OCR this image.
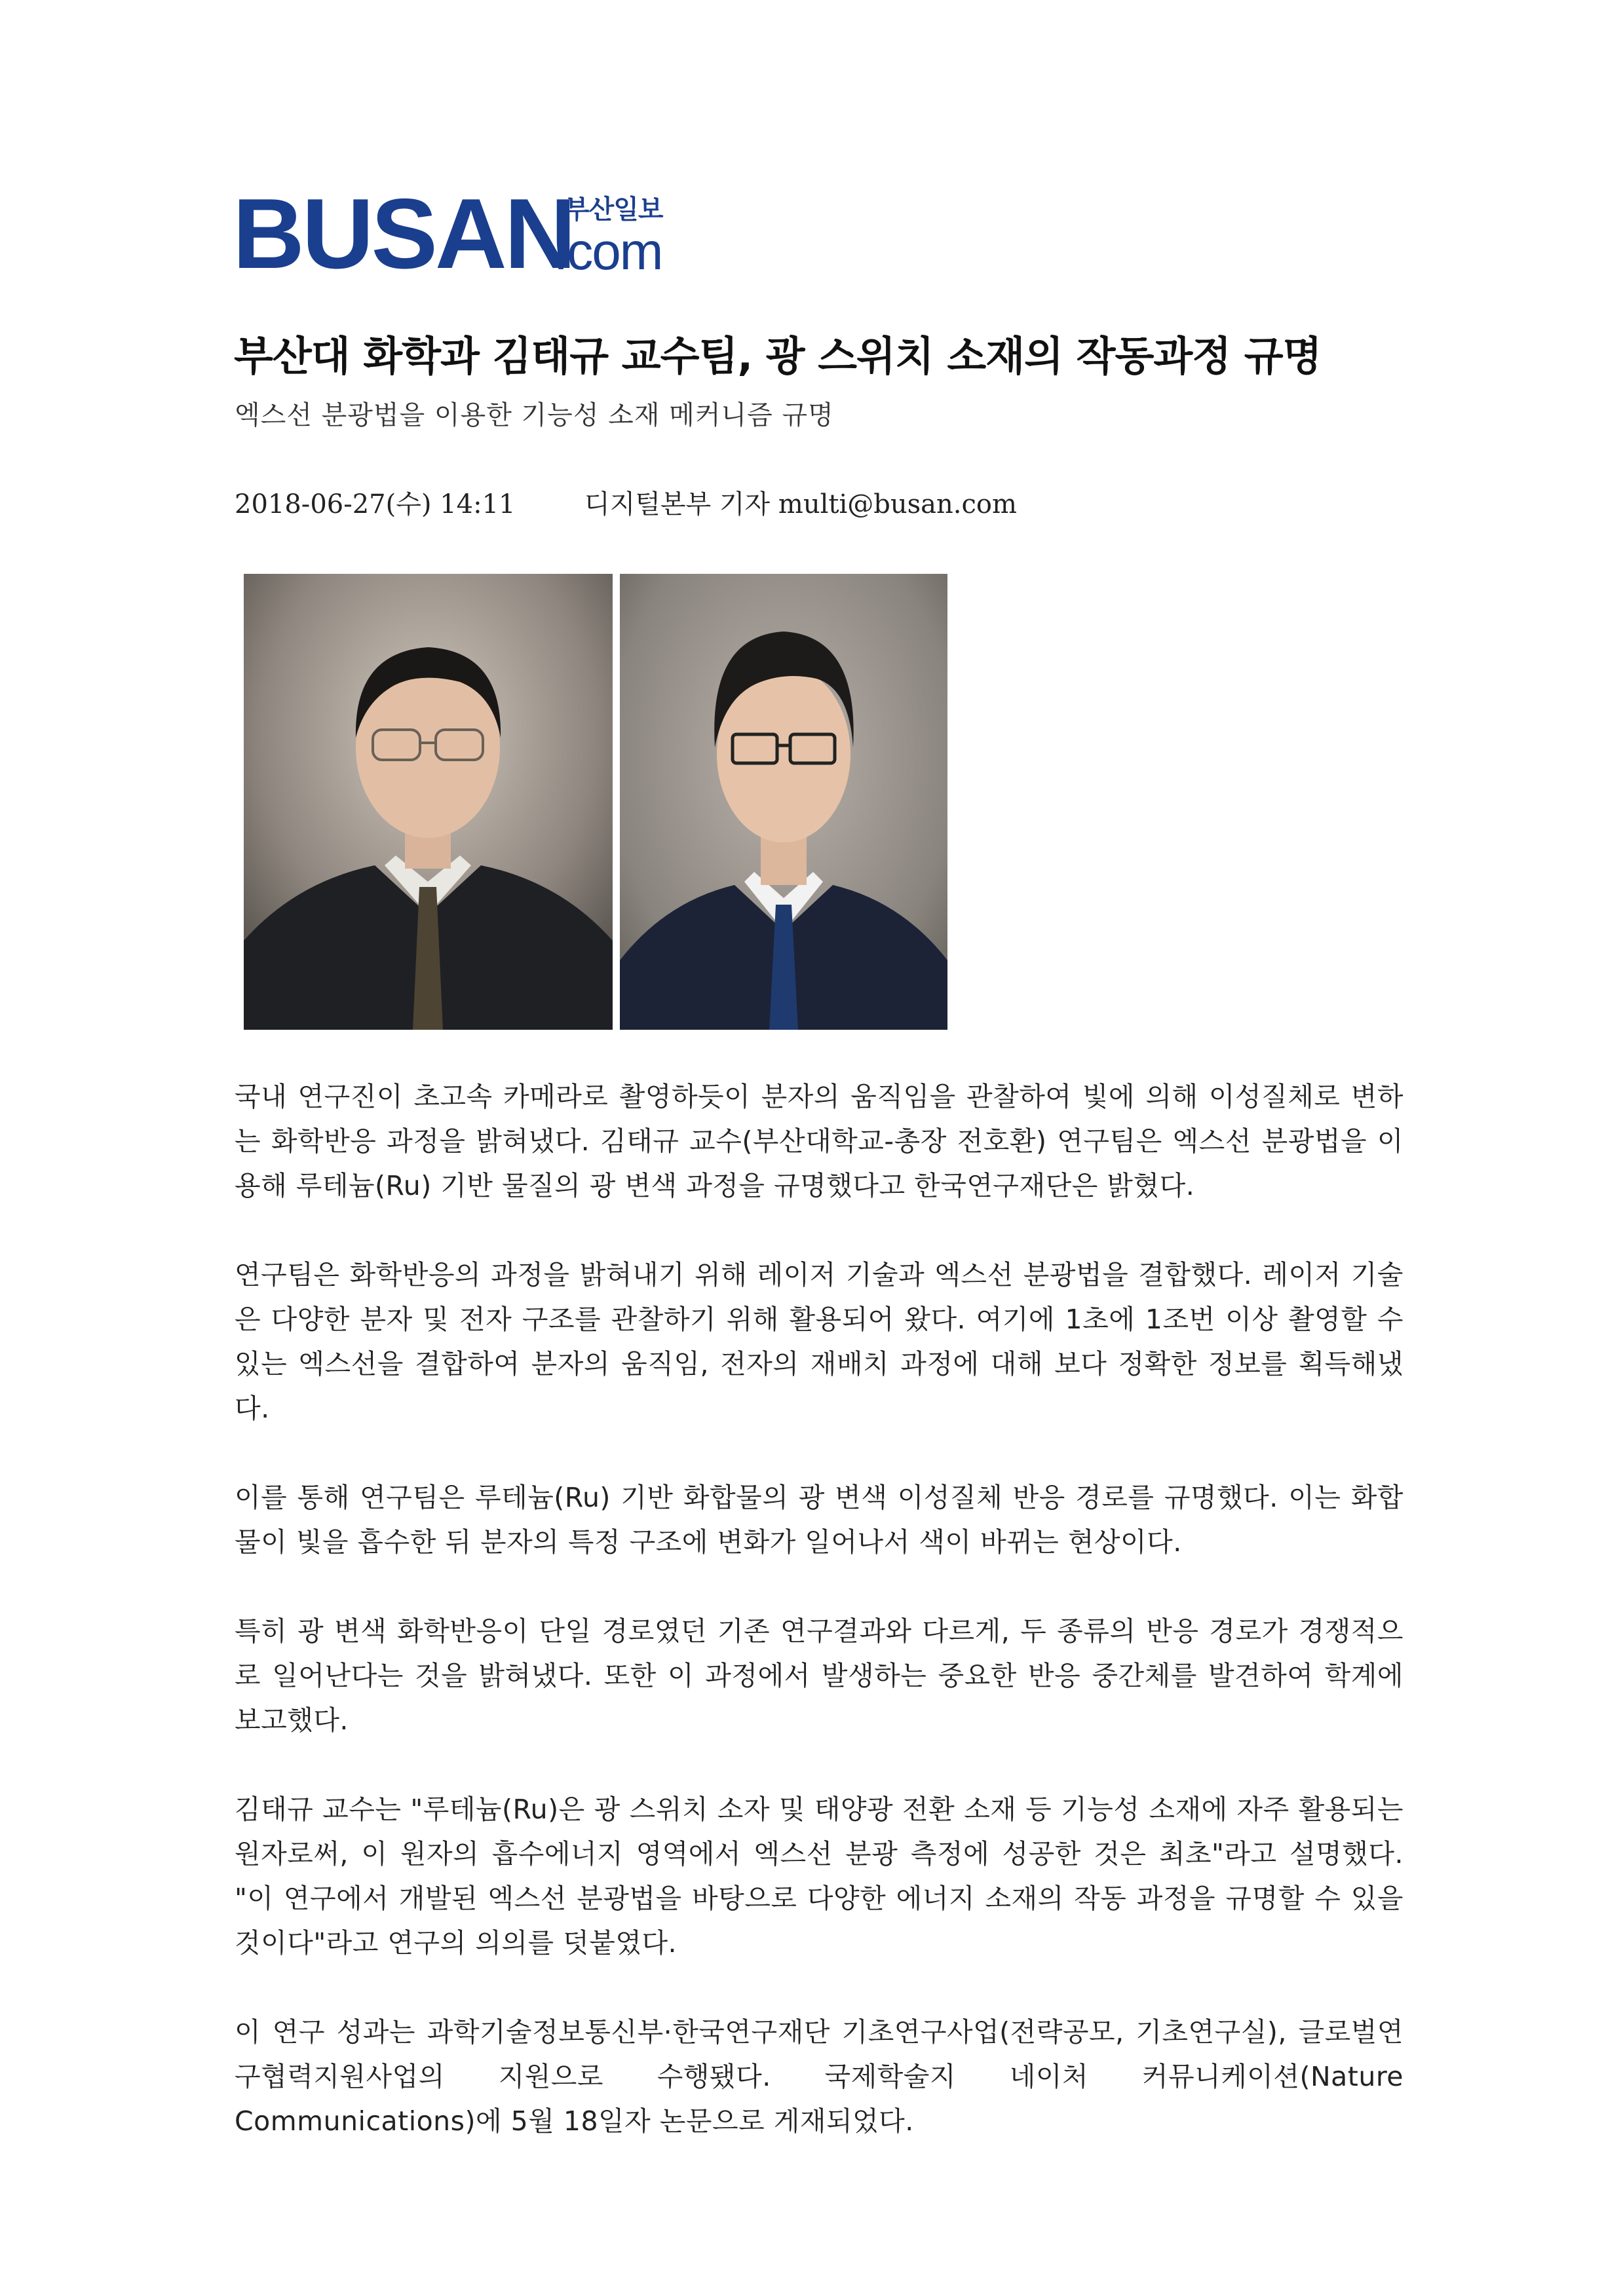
BUSAN
부산일보
.com
부산대 화학과 김태규 교수팀, 광 스위치 소재의 작동과정 규명

엑스선 분광법을 이용한 기능성 소재 메커니즘 규명

2018-06-27(수) 14:11	디지털본부 기자 multi@busan.com

국내 연구진이 초고속 카메라로 촬영하듯이 분자의 움직임을 관찰하여 빛에 의해 이성질체로 변하는 화학반응 과정을 밝혀냈다. 김태규 교수(부산대학교-총장 전호환) 연구팀은 엑스선 분광법을 이용해 루테늄(Ru) 기반 물질의 광 변색 과정을 규명했다고 한국연구재단은 밝혔다.

연구팀은 화학반응의 과정을 밝혀내기 위해 레이저 기술과 엑스선 분광법을 결합했다. 레이저 기술은 다양한 분자 및 전자 구조를 관찰하기 위해 활용되어 왔다. 여기에 1초에 1조번 이상 촬영할 수 있는 엑스선을 결합하여 분자의 움직임, 전자의 재배치 과정에 대해 보다 정확한 정보를 획득해냈다.

이를 통해 연구팀은 루테늄(Ru) 기반 화합물의 광 변색 이성질체 반응 경로를 규명했다. 이는 화합물이 빛을 흡수한 뒤 분자의 특정 구조에 변화가 일어나서 색이 바뀌는 현상이다.

특히 광 변색 화학반응이 단일 경로였던 기존 연구결과와 다르게, 두 종류의 반응 경로가 경쟁적으로 일어난다는 것을 밝혀냈다. 또한 이 과정에서 발생하는 중요한 반응 중간체를 발견하여 학계에 보고했다.

김태규 교수는 "루테늄(Ru)은 광 스위치 소자 및 태양광 전환 소재 등 기능성 소재에 자주 활용되는 원자로써, 이 원자의 흡수에너지 영역에서 엑스선 분광 측정에 성공한 것은 최초"라고 설명했다. "이 연구에서 개발된 엑스선 분광법을 바탕으로 다양한 에너지 소재의 작동 과정을 규명할 수 있을 것이다"라고 연구의 의의를 덧붙였다.

이 연구 성과는 과학기술정보통신부·한국연구재단 기초연구사업(전략공모, 기초연구실), 글로벌연구협력지원사업의 지원으로 수행됐다. 국제학술지 네이처 커뮤니케이션(Nature Communications)에 5월 18일자 논문으로 게재되었다.
